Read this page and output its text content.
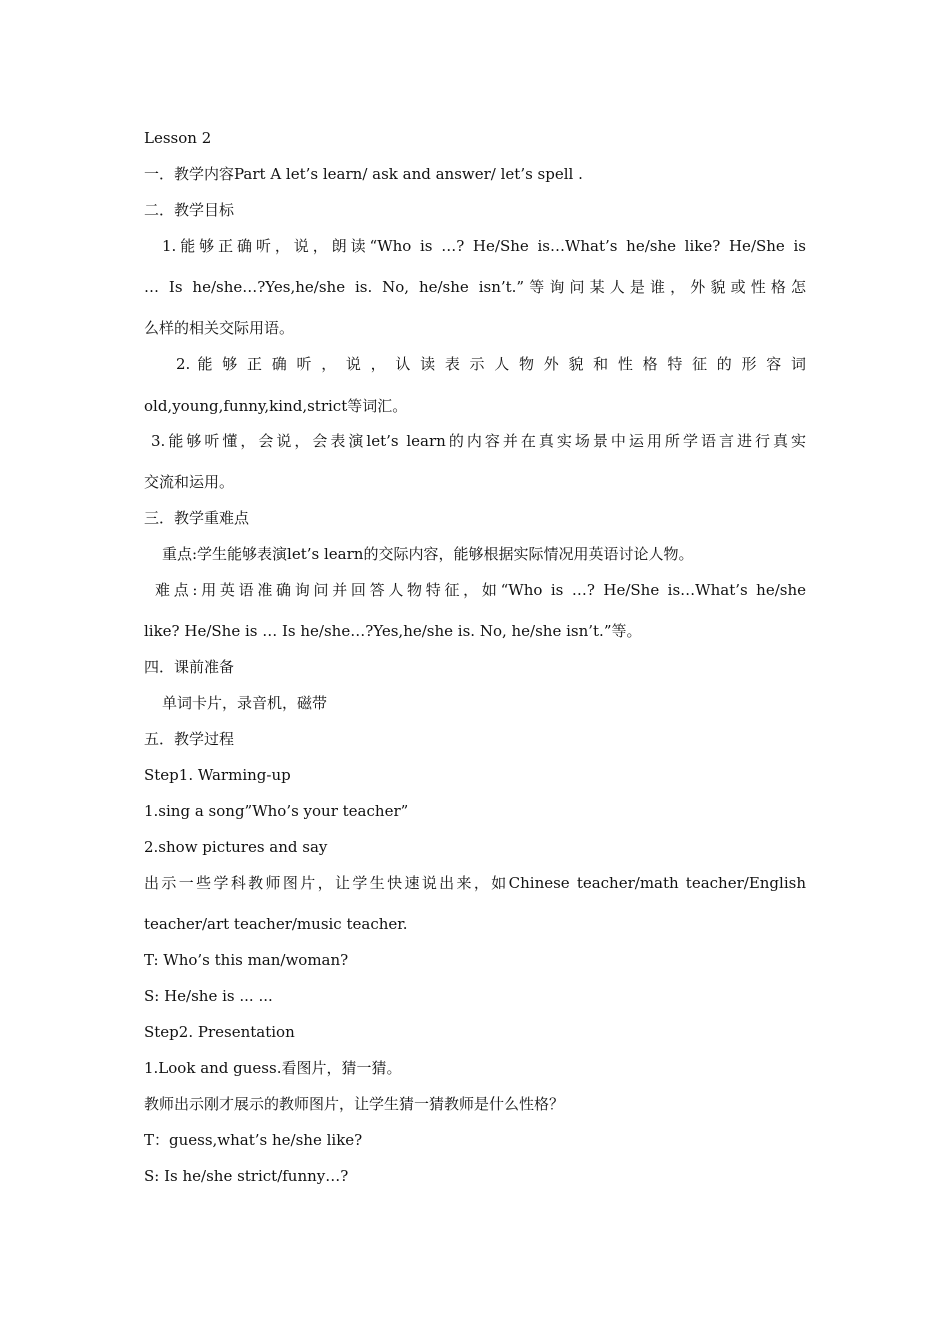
Lesson 2
一．教学内容Part A let’s learn/ ask and answer/ let’s spell .
二．教学目标
1.能够正确听，说，朗读“Who is …? He/She is…What’s he/she like? He/She is
… Is he/she…?Yes,he/she is. No, he/she isn’t.”等询问某人是谁，外貌或性格怎
么样的相关交际用语。
2. 能 够 正 确 听 ， 说 ， 认 读 表 示 人 物 外 貌 和 性 格 特 征 的 形 容 词
old,young,funny,kind,strict等词汇。
3.能够听懂，会说，会表演let’s learn的内容并在真实场景中运用所学语言进行真实
交流和运用。
三．教学重难点
重点:学生能够表演let’s learn的交际内容，能够根据实际情况用英语讨论人物。
难点:用英语准确询问并回答人物特征，如“Who is …? He/She is…What’s he/she
like? He/She is … Is he/she…?Yes,he/she is. No, he/she isn’t.”等。
四．课前准备
单词卡片，录音机，磁带
五．教学过程
Step1. Warming-up
1.sing a song”Who’s your teacher”
2.show pictures and say
出示一些学科教师图片，让学生快速说出来，如Chinese teacher/math teacher/English
teacher/art teacher/music teacher.
T: Who’s this man/woman?
S: He/she is ... ...
Step2. Presentation
1.Look and guess.看图片，猜一猜。
教师出示刚才展示的教师图片，让学生猜一猜教师是什么性格？
T：guess,what’s he/she like?
S: Is he/she strict/funny…?
